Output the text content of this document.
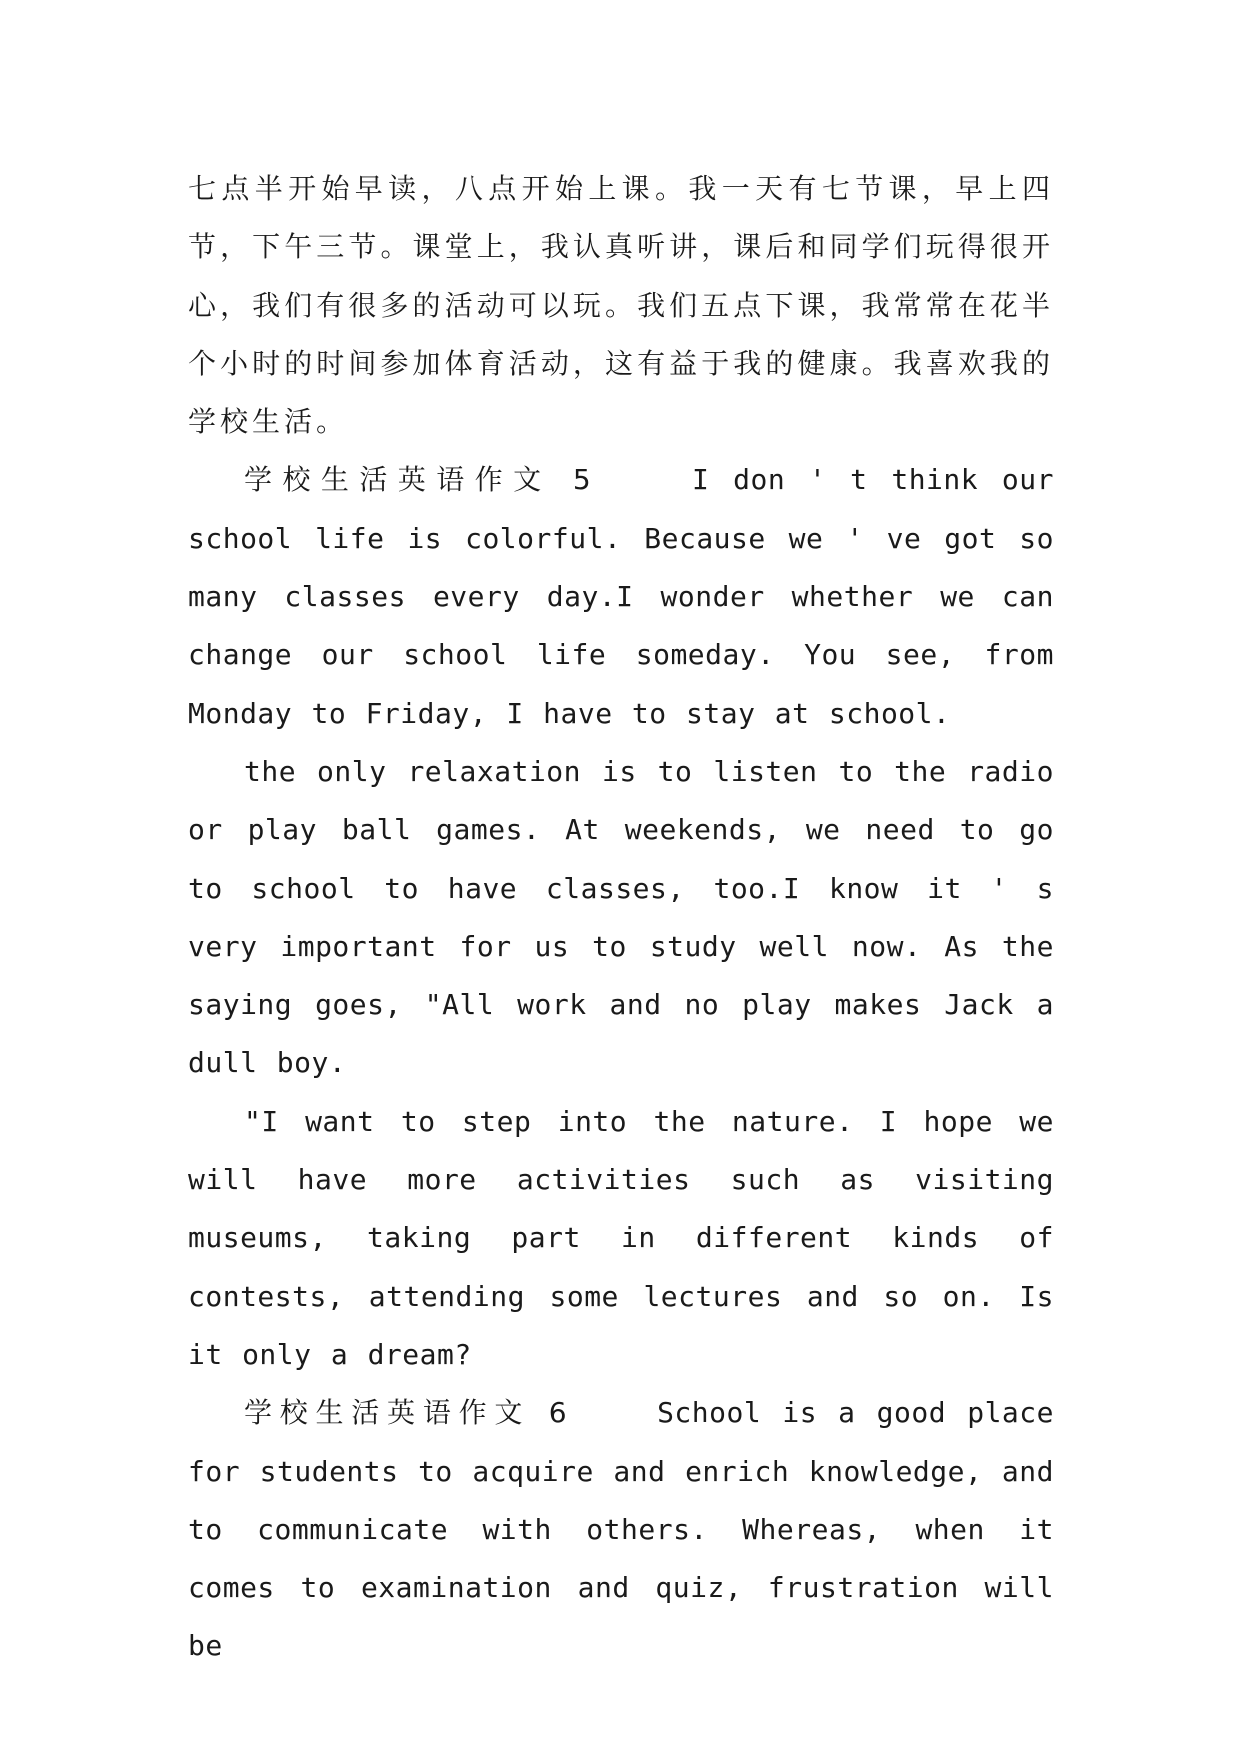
七点半开始早读，八点开始上课。我一天有七节课，早上四节，下午三节。课堂上，我认真听讲，课后和同学们玩得很开心，我们有很多的活动可以玩。我们五点下课，我常常在花半个小时的时间参加体育活动，这有益于我的健康。我喜欢我的学校生活。

学校生活英语作文 5	I don ' t think our school life is colorful. Because we ' ve got so many classes every day.I wonder whether we can change our school life someday. You see, from Monday to Friday, I have to stay at school.

the only relaxation is to listen to the radio or play ball games. At weekends, we need to go to school to have classes, too.I know it ' s very important for us to study well now. As the saying goes, "All work and no play makes Jack a dull boy.

"I want to step into the nature. I hope we will have more activities such as visiting museums, taking part in different kinds of contests, attending some lectures and so on. Is it only a dream?

学校生活英语作文 6	School is a good place for students to acquire and enrich knowledge, and to communicate with others. Whereas, when it comes to examination and quiz, frustration will be
